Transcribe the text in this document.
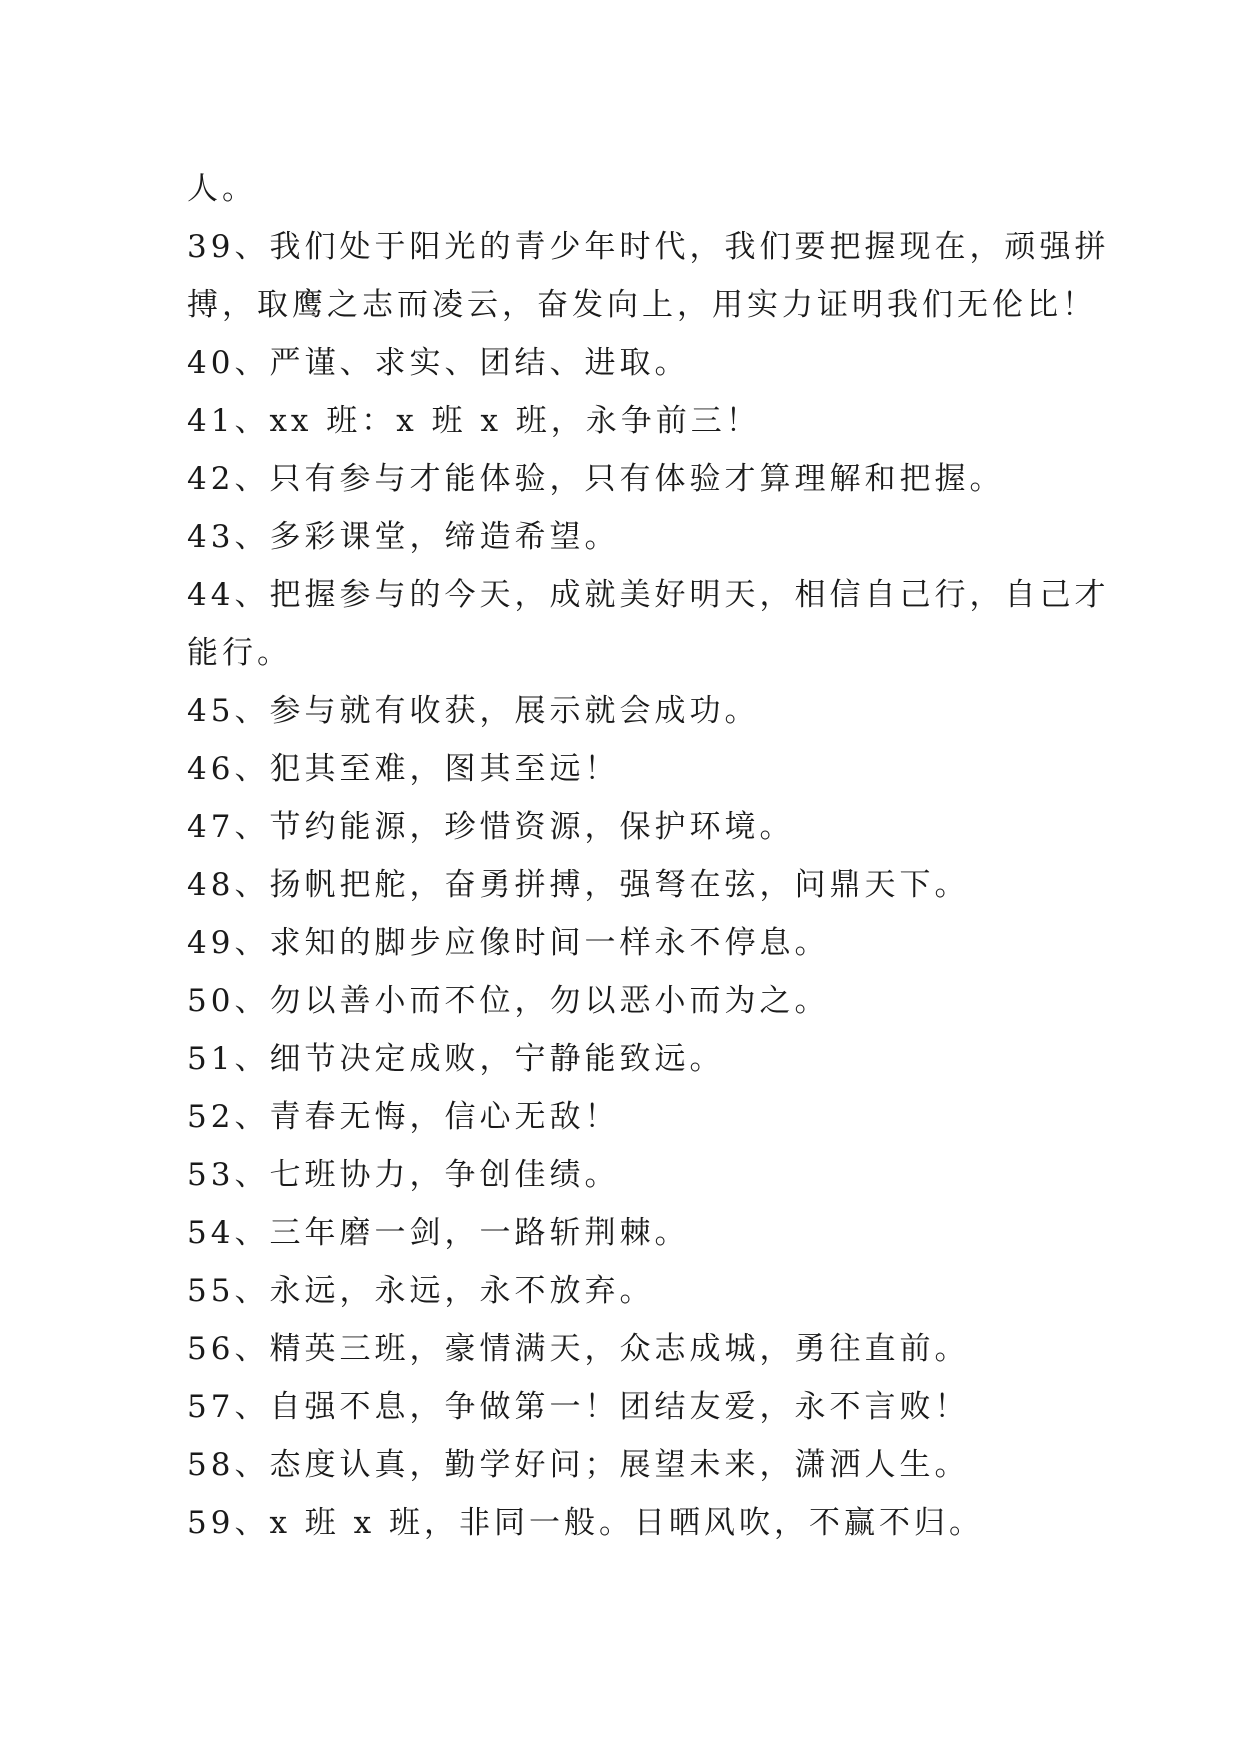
人。
39、我们处于阳光的青少年时代，我们要把握现在，顽强拼
搏，取鹰之志而凌云，奋发向上，用实力证明我们无伦比！
40、严谨、求实、团结、进取。
41、xx 班：x 班 x 班，永争前三！
42、只有参与才能体验，只有体验才算理解和把握。
43、多彩课堂，缔造希望。
44、把握参与的今天，成就美好明天，相信自己行，自己才
能行。
45、参与就有收获，展示就会成功。
46、犯其至难，图其至远！
47、节约能源，珍惜资源，保护环境。
48、扬帆把舵，奋勇拼搏，强弩在弦，问鼎天下。
49、求知的脚步应像时间一样永不停息。
50、勿以善小而不位，勿以恶小而为之。
51、细节决定成败，宁静能致远。
52、青春无悔，信心无敌！
53、七班协力，争创佳绩。
54、三年磨一剑，一路斩荆棘。
55、永远，永远，永不放弃。
56、精英三班，豪情满天，众志成城，勇往直前。
57、自强不息，争做第一！团结友爱，永不言败！
58、态度认真，勤学好问；展望未来，潇洒人生。
59、x 班 x 班，非同一般。日晒风吹，不赢不归。
